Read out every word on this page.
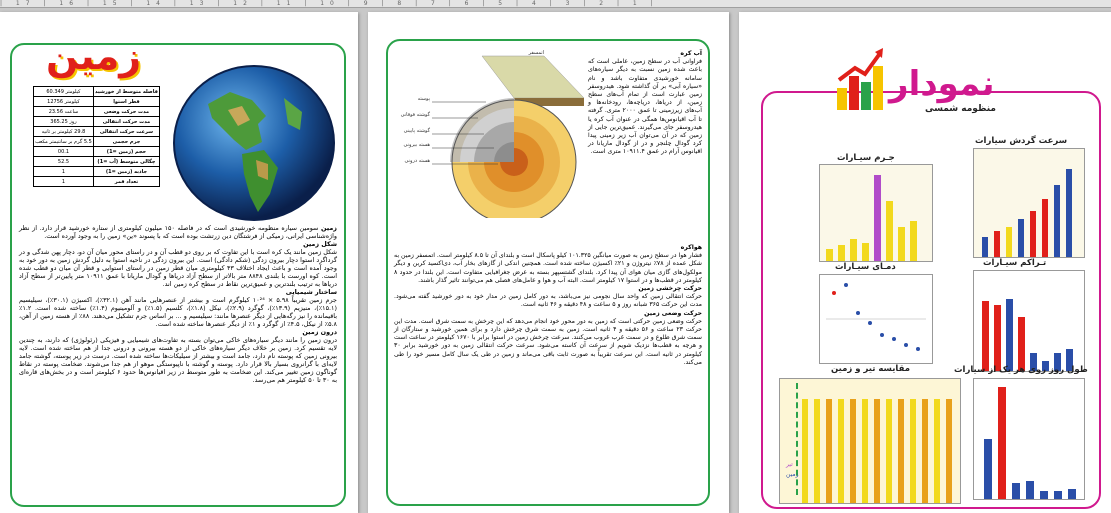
| 17 | 16 | 15 | 14 | 13 | 12 | 11 | 10 | 9 | 8 | 7 | 6 | 5 | 4 | 3 | 2 | 1 |
زمین
فاصله متوسط از خورشید	کیلومتر 60.349
قطر استوا	کیلومتر 12756
مدت حرکت وضعی	ساعت 23.56
مدت حرکت انتقالی	روز 365.25
سرعت حرکت انتقالی	29.8 کیلومتر بر ثانیه
جرم حجمی	5.5 گرم بر سانتیمتر مکعب
حجم (زمین =1)	00.1
چگالی متوسط (آب =1)	52.5
جاذبه (زمین =1)	1
تعداد قمر	1
زمین سومین سیاره منظومه خورشیدی است که در فاصله ۱۵۰ میلیون کیلومتری از ستاره خورشید قرار دارد. از نظر واژه‌شناسی ایرانی، زمیکی از فرشتگان دین زرتشت بوده است که با پسوند «ین» زمین را به وجود آورده است.
شکل زمین
شکل زمین مانند یک کره است با این تفاوت که بر روی دو قطب آن و در راستای محور میان آن دو، دچار پهن شدگی و در گرداگرد استوا دچار بیرون زدگی (شکم دادگی) است. این بیرون زدگی در ناحیه استوا به دلیل گردش زمین به دور خود به وجود آمده است و باعث ایجاد اختلاف ۴۳ کیلومتری میان قطر زمین در راستای استوایی و قطر آن میان دو قطب شده است. کوه اورست با بلندی ۸۸۴۸ متر بالاتر از سطح آزاد دریاها و گودال ماریانا با عمق ۱۰۹۱۱ متر پایین‌تر از سطح آزاد دریاها به ترتیب بلندترین و عمیق‌ترین نقاط در سطح کره زمین اند.
ساختار شیمیایی
جرم زمین تقریباً ۵.۹۸ × ۱۰²⁴ کیلوگرم است و بیشتر از عنصرهایی مانند آهن (۳۲.۱٪)، اکسیژن (۳۰.۱٪)، سیلیسیم (۱۵.۱٪)، منیزیم (۱۳.۹٪)، گوگرد (۲.۹٪)، نیکل (۱.۸٪)، کلسیم (۱.۵٪) و آلومینیوم (۱.۴٪) ساخته شده است. ۱.۲٪ باقیمانده را نیز رگه‌هایی از دیگر عنصرها مانند: سیلیسیم و ... بر اساس جرم تشکیل می‌دهند. ۸۸٪ از هسته زمین از آهن، ۵.۸٪ از نیکل، ۴.۵٪ از گوگرد و ۱٪ از دیگر عنصرها ساخته شده است.
درون زمین
درون زمین را مانند دیگر سیاره‌های خاکی می‌توان بسته به تفاوت‌های شیمیایی و فیزیکی (رئولوژی) که دارند، به چندین لایه تقسیم کرد. زمین بر خلاف دیگر سیاره‌های خاکی از دو هسته بیرونی و درونی جدا از هم ساخته شده است. لایه بیرونی زمین که پوسته نام دارد، جامد است و بیشتر از سیلیکات‌ها ساخته شده است. درست در زیر پوسته، گوشته جامد لایه‌ای با گرانروی بسیار بالا قرار دارد. پوسته و گوشته با ناپیوستگی موهو از هم جدا می‌شوند. ضخامت پوسته در نقاط گوناگون زمین تغییر می‌کند. این ضخامت به طور متوسط در زیر اقیانوس‌ها حدود ۶ کیلومتر است و در بخش‌های قاره‌ای به ۳۰ تا ۵۰ کیلومتر هم می‌رسد.
اتمسفر
پوسته
گوشته فوقانی
گوشته پایینی
هسته بیرونی
هسته درونی
آب کره
فراوانی آب در سطح زمین، عاملی است که باعث شده زمین نسبت به دیگر سیاره‌های سامانه خورشیدی متفاوت باشد و نام «سیاره آبی» بر آن گذاشته شود. هیدروسفر زمین عبارت است از تمام آب‌های سطح زمین، از دریاها، دریاچه‌ها، رودخانه‌ها و آب‌های زیرزمینی تا عمق ۲۰۰۰ متری. گرفته تا آب اقیانوس‌ها همگی در عنوان آب کره یا هیدروسفر جای می‌گیرند. عمیق‌ترین جایی از زمین که در آن می‌توان آب زیر زمینی پیدا کرد گودال چلنجر و در از گودال ماریانا در اقیانوس آرام در عمق ۱۰۹۱۱.۴ متری است.
هواکره
فشار هوا در سطح زمین به صورت میانگین ۱۰۱.۳۲۵ کیلو پاسکال است و بلندای آن تا ۸.۵ کیلومتر است. اتمسفر زمین به شکل عمده از ۷۸٪ نیتروژن و ۲۱٪ اکسیژن ساخته شده است. همچنین اندکی از گازهای بخار آب، دی‌اکسید کربن و دیگر مولکول‌های گازی میان هوای آن پیدا کرد. بلندای گشتسپهر بسته به عرض جغرافیایی متفاوت است. این بلندا در حدود ۸ کیلومتر در قطب‌ها و در استوا ۱۷ کیلومتر است. البته آب و هوا و عامل‌های فصلی هم می‌توانند تاثیر گذار باشند.
حرکت چرخشی زمین
حرکت انتقالی زمین که واحد سال نجومی نیز می‌باشد، به دور کامل زمین در مدار خود به دور خورشید گفته می‌شود. مدت این حرکت ۳۶۵ شبانه روز و ۵ ساعت و ۴۸ دقیقه و ۴۶ ثانیه است.
حرکت وضعی زمین
حرکت وضعی زمین حرکتی است که زمین به دور محور خود انجام می‌دهد که این چرخش به سمت شرق است. مدت این حرکت ۲۳ ساعت و ۵۶ دقیقه و ۴ ثانیه است. زمین به سمت شرق چرخش دارد و برای همین خورشید و ستارگان از سمت شرق طلوع و در سمت غرب غروب می‌کنند. سرعت چرخش زمین در استوا برابر با ۱۶۷۰ کیلومتر در ساعت است و هرچه به قطب‌ها نزدیک شویم از سرعت آن کاسته می‌شود. سرعت حرکت انتقالی زمین به دور خورشید برابر ۳۰ کیلومتر در ثانیه است. این سرعت تقریباً به صورت ثابت باقی می‌ماند و زمین در طی یک سال کامل مسیر خود را طی می‌کند.
نمودار
منظومه شمسی
سرعت گردش سیارات
جـرم سیـارات
تـراکم سیـارات
دمـای سیـارات
طول روز روی هر یک از سیارات
مقایسه تیر و زمین
تیر
زمین
